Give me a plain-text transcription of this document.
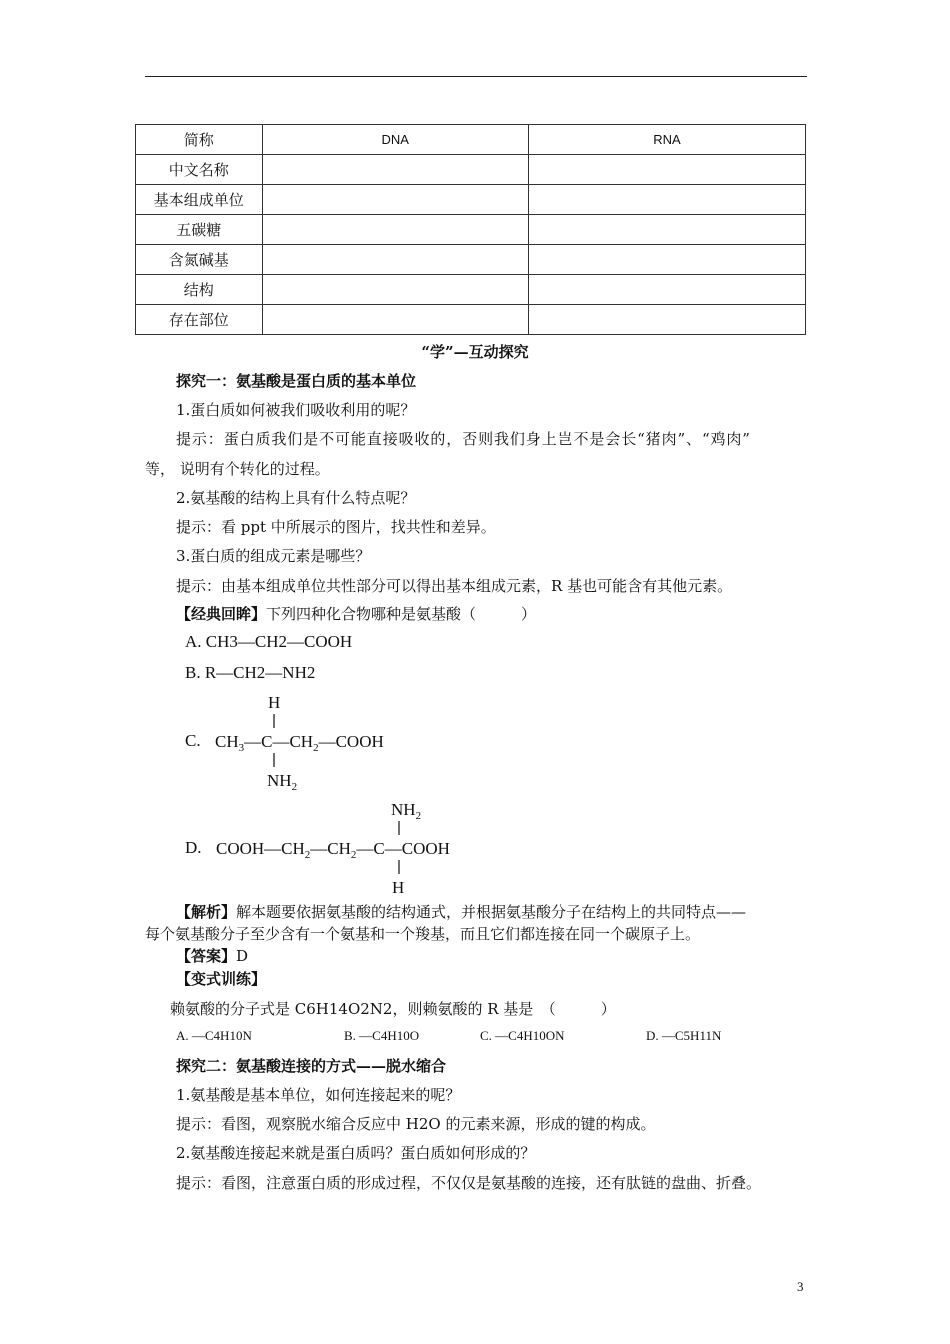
简称	DNA	RNA
中文名称		
基本组成单位		
五碳糖		
含氮碱基		
结构		
存在部位		
“学”—互动探究
探究一：氨基酸是蛋白质的基本单位
1.蛋白质如何被我们吸收利用的呢？
提示：蛋白质我们是不可能直接吸收的，否则我们身上岂不是会长“猪肉”、“鸡肉”
等， 说明有个转化的过程。
2.氨基酸的结构上具有什么特点呢？
提示：看 ppt 中所展示的图片，找共性和差异。
3.蛋白质的组成元素是哪些？
提示：由基本组成单位共性部分可以得出基本组成元素，R 基也可能含有其他元素。
【经典回眸】下列四种化合物哪种是氨基酸（　　　）
A. CH3—CH2—COOH
B. R—CH2—NH2
C.
H
$CH_3—C—CH_2—COOH$
$NH_2$
D.
$NH_2$
$COOH—CH_2—CH_2—C—COOH$
H
【解析】解本题要依据氨基酸的结构通式，并根据氨基酸分子在结构上的共同特点——
每个氨基酸分子至少含有一个氨基和一个羧基，而且它们都连接在同一个碳原子上。
【答案】D
【变式训练】
赖氨酸的分子式是 C6H14O2N2，则赖氨酸的 R 基是　（　　　）
A. —C4H10N	B. —C4H10O	C. —C4H10ON	D. —C5H11N
探究二：氨基酸连接的方式——脱水缩合
1.氨基酸是基本单位，如何连接起来的呢？
提示：看图，观察脱水缩合反应中 H2O 的元素来源，形成的键的构成。
2.氨基酸连接起来就是蛋白质吗？蛋白质如何形成的？
提示：看图，注意蛋白质的形成过程，不仅仅是氨基酸的连接，还有肽链的盘曲、折叠。
3
